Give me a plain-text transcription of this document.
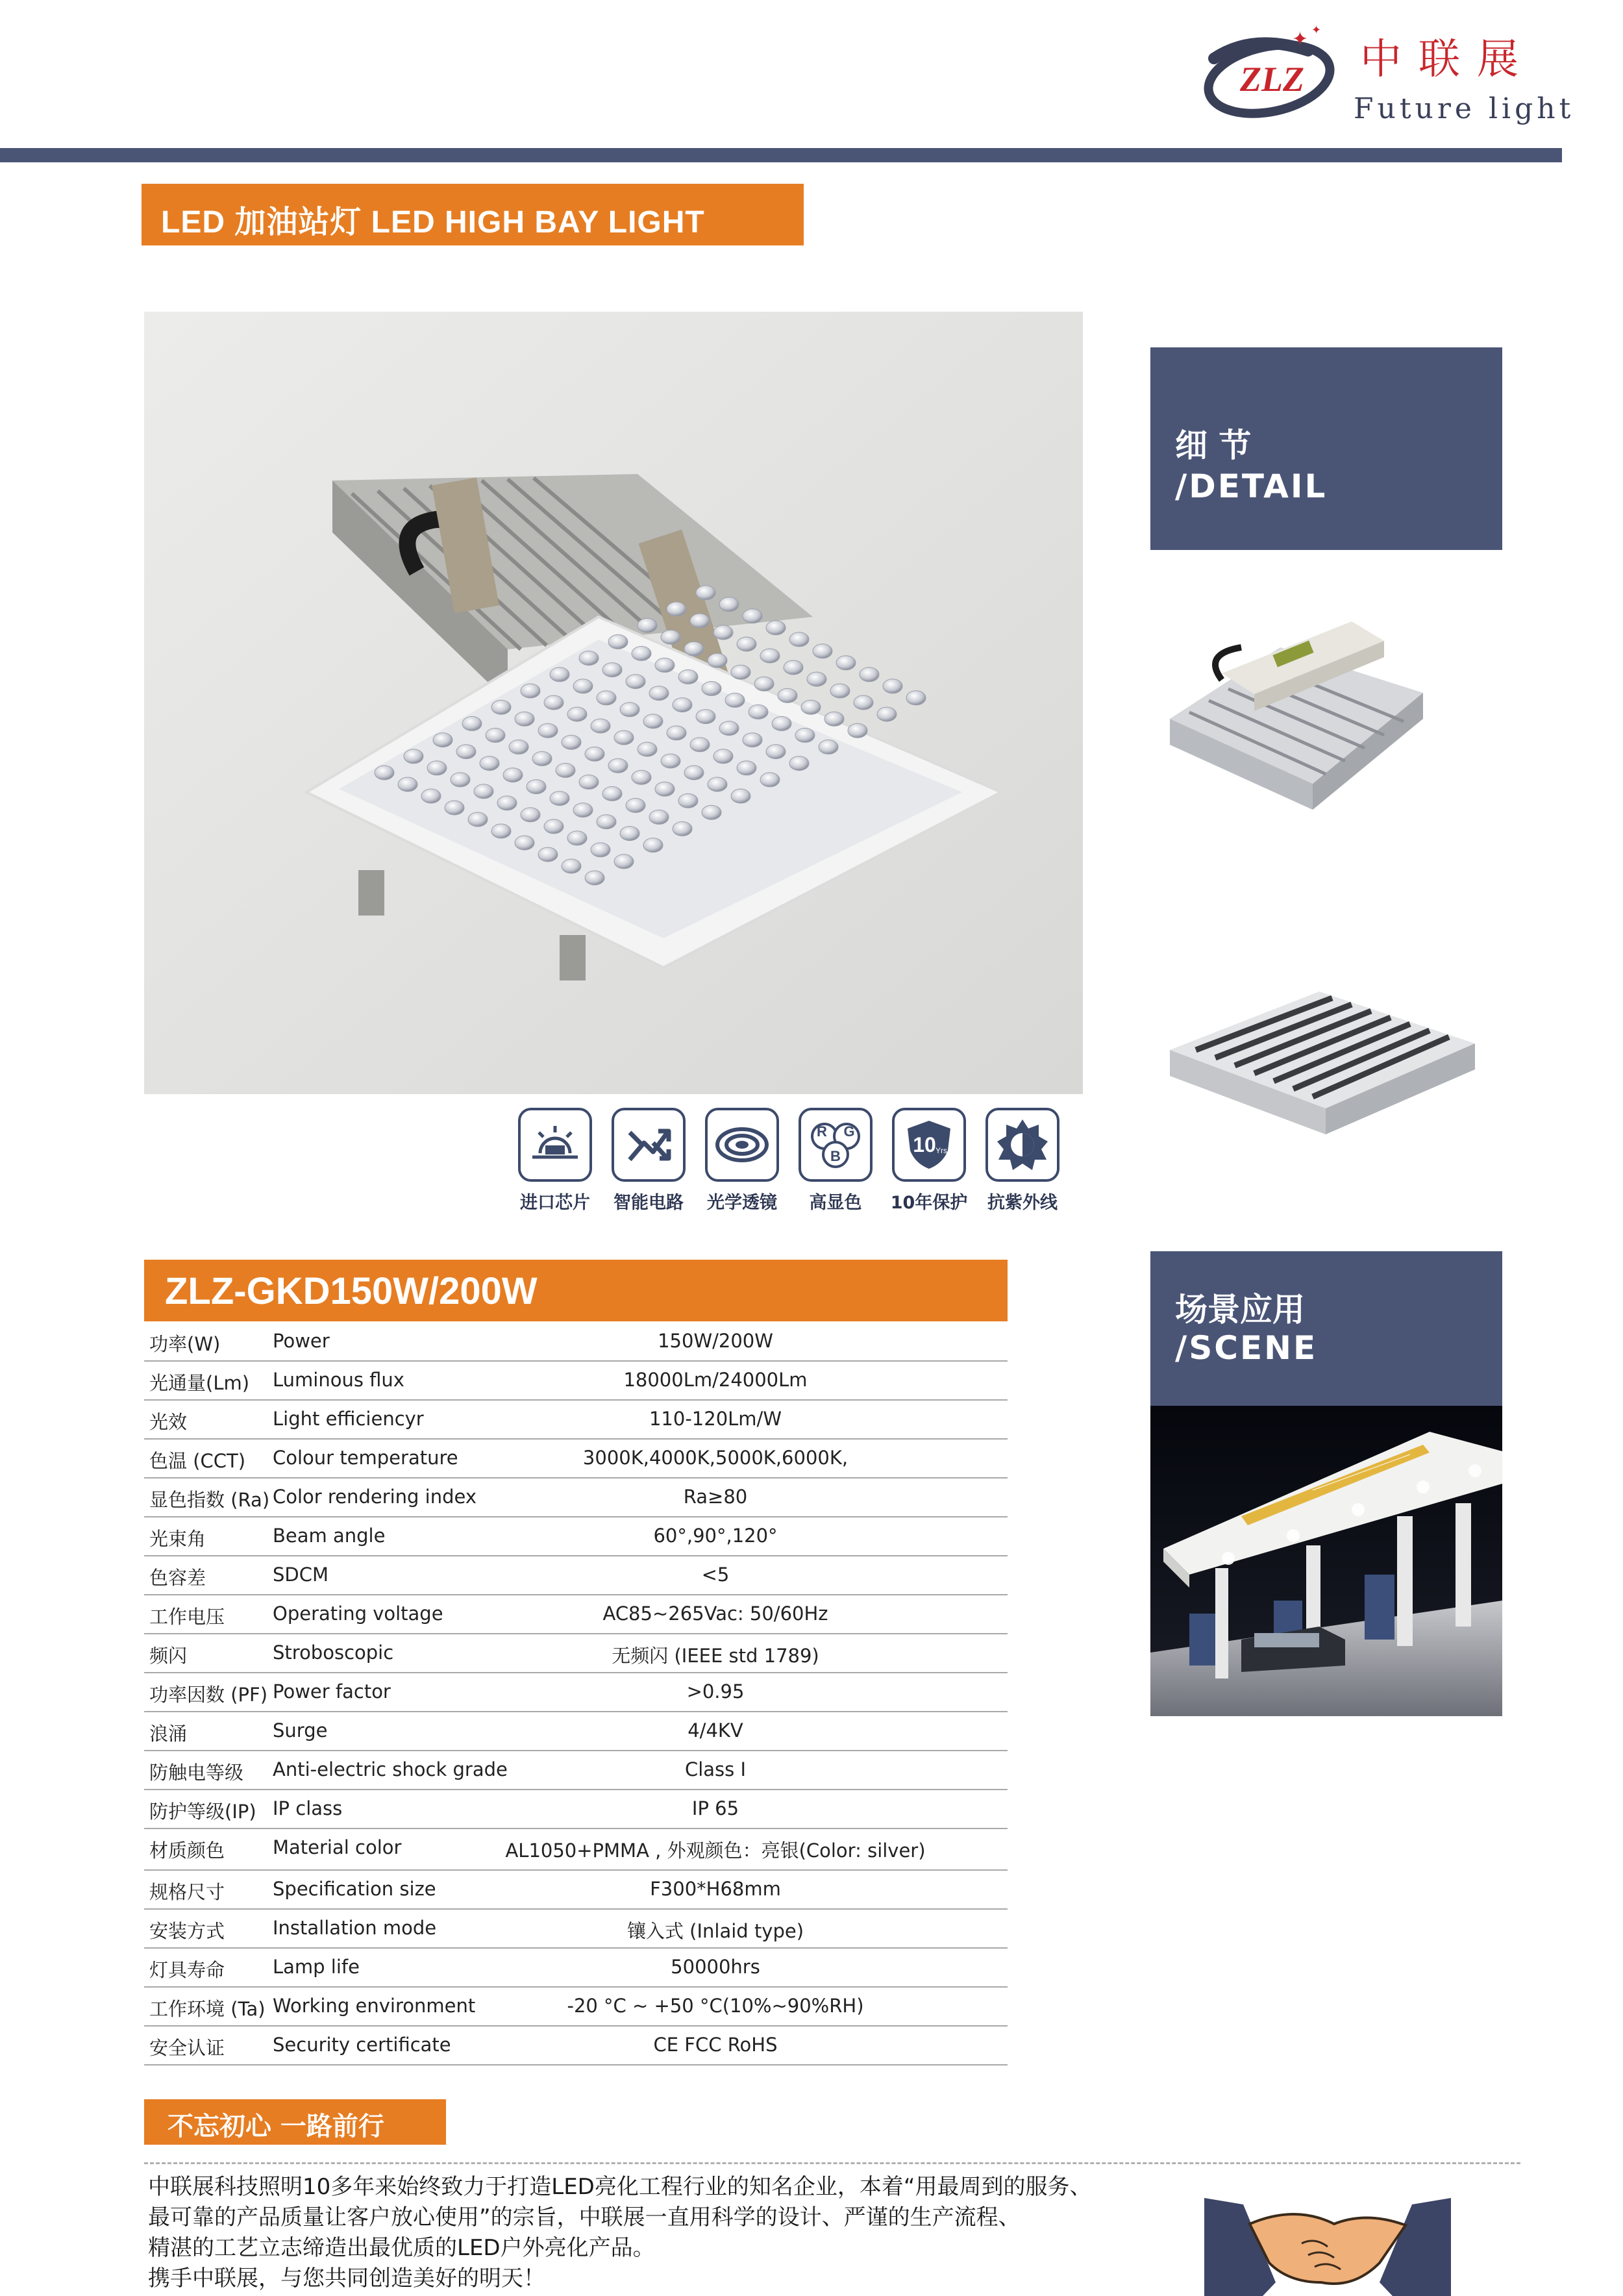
ZLZ
✦ ✦
中联展
Future light
LED 加油站灯 LED HIGH BAY LIGHT
进口芯片	智能电路	光学透镜
R G
B
高显色
10 Yrs
10年保护	抗紫外线
细 节
/DETAIL
场景应用
/SCENE
ZLZ-GKD150W/200W
功率(W)	Power	150W/200W
光通量(Lm) Luminous flux	18000Lm/24000Lm
光效	Light efficiencyr	110-120Lm/W
色温 (CCT) Colour temperature	3000K,4000K,5000K,6000K,
显色指数 (Ra) Color rendering index	Ra≥80
光束角	Beam angle	60°,90°,120°
色容差	SDCM	<5
工作电压	Operating voltage	AC85~265Vac: 50/60Hz
频闪	Stroboscopic	无频闪 (IEEE std 1789)
功率因数 (PF) Power factor	>0.95
浪涌	Surge	4/4KV
防触电等级 Anti-electric shock grade	Class I
防护等级(IP) IP class	IP 65
材质颜色	Material color	AL1050+PMMA , 外观颜色：亮银(Color: silver)
规格尺寸	Specification size	F300*H68mm
安装方式	Installation mode	镶入式 (Inlaid type)
灯具寿命	Lamp life	50000hrs
工作环境 (Ta) Working environment	-20 °C ~ +50 °C(10%~90%RH)
安全认证	Security certificate	CE FCC RoHS
不忘初心 一路前行
中联展科技照明10多年来始终致力于打造LED亮化工程行业的知名企业，本着“用最周到的服务、
最可靠的产品质量让客户放心使用”的宗旨，中联展一直用科学的设计、严谨的生产流程、
精湛的工艺立志缔造出最优质的LED户外亮化产品。
携手中联展，与您共同创造美好的明天！
